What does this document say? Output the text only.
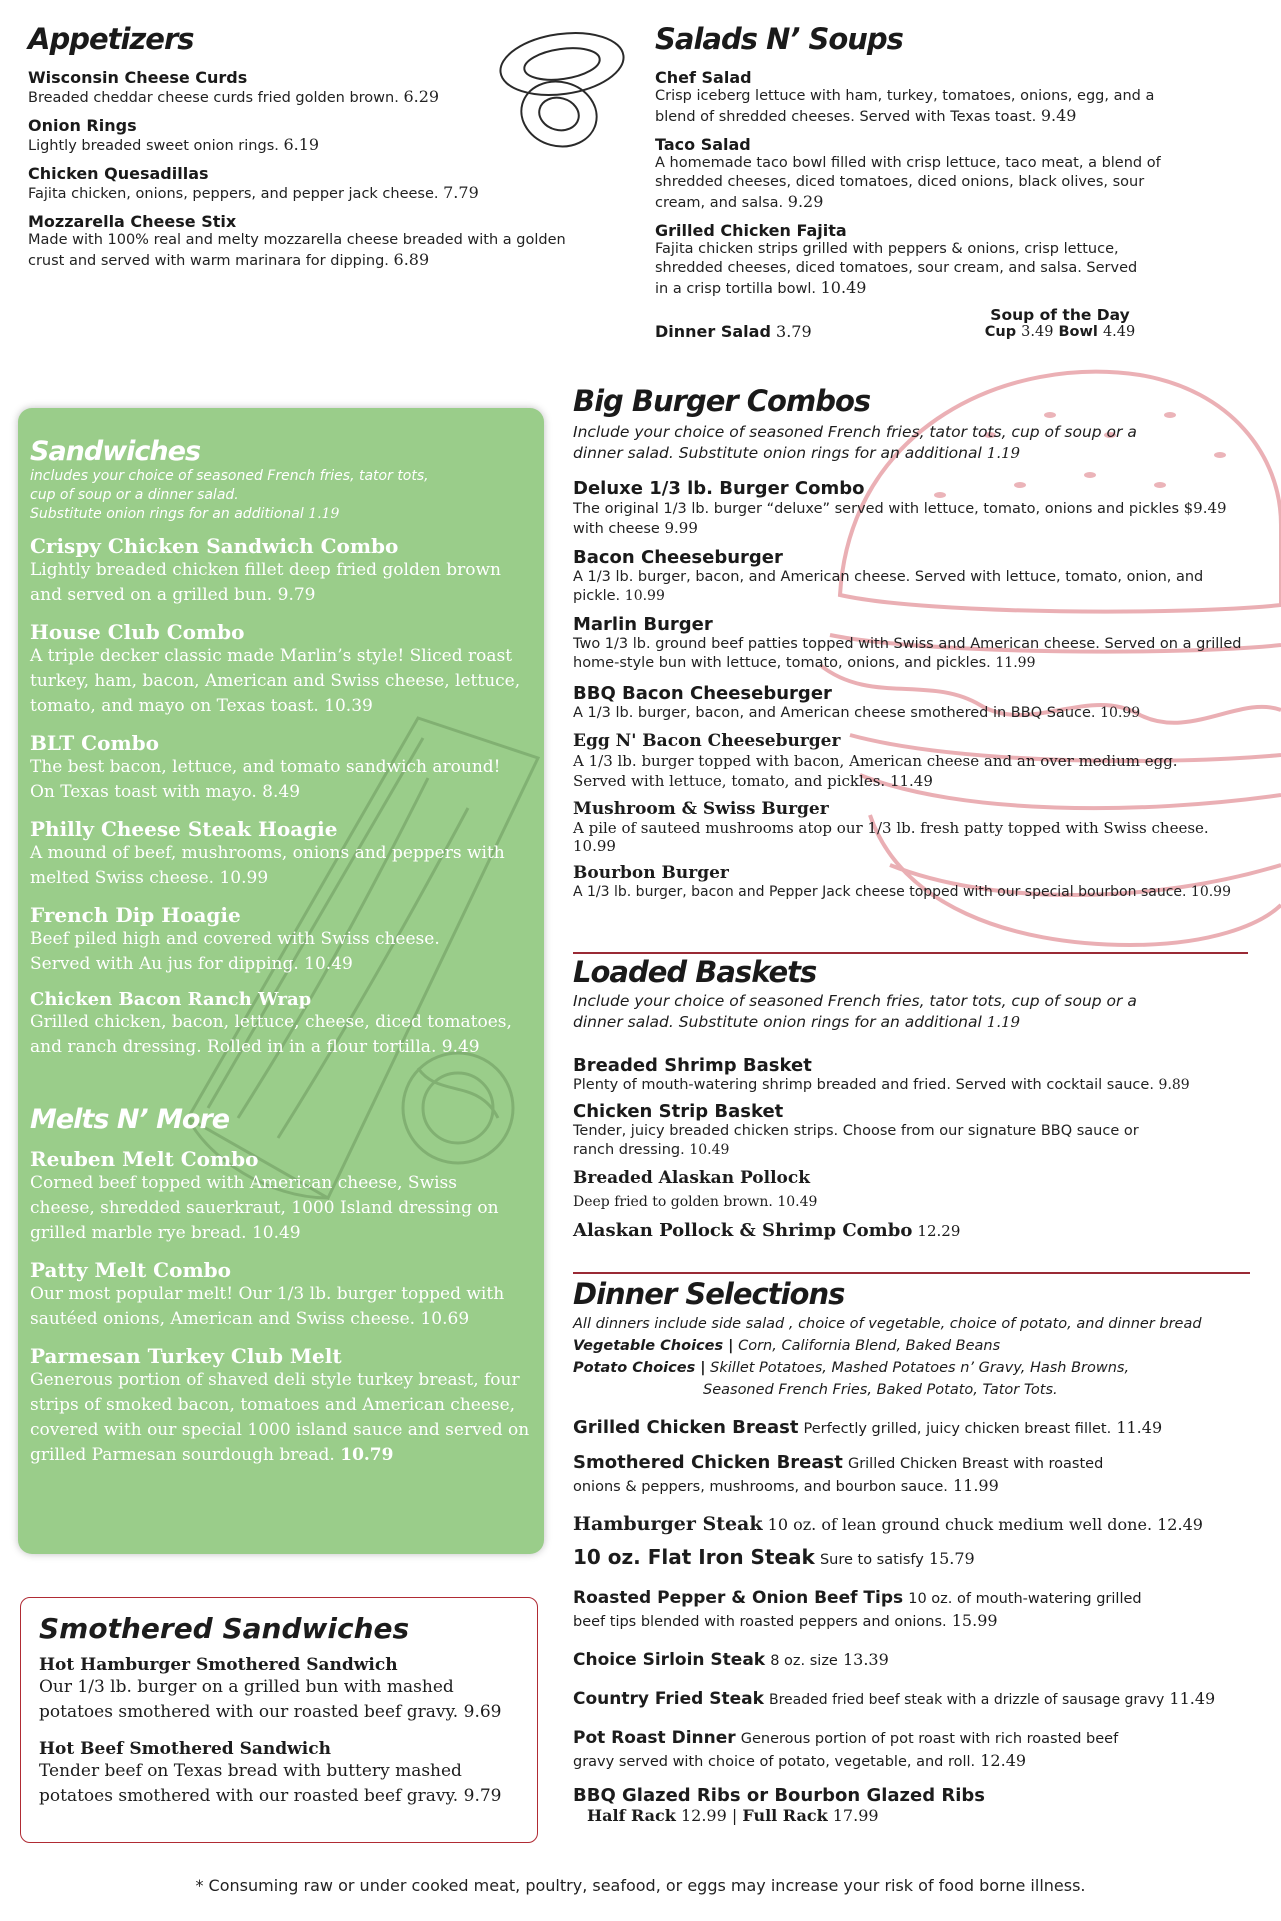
Appetizers
Wisconsin Cheese Curds
Breaded cheddar cheese curds fried golden brown. 6.29
Onion Rings
Lightly breaded sweet onion rings. 6.19
Chicken Quesadillas
Fajita chicken, onions, peppers, and pepper jack cheese. 7.79
Mozzarella Cheese Stix
Made with 100% real and melty mozzarella cheese breaded with a golden crust and served with warm marinara for dipping. 6.89
Salads N’ Soups
Chef Salad
Crisp iceberg lettuce with ham, turkey, tomatoes, onions, egg, and a blend of shredded cheeses. Served with Texas toast. 9.49
Taco Salad
A homemade taco bowl filled with crisp lettuce, taco meat, a blend of shredded cheeses, diced tomatoes, diced onions, black olives, sour cream, and salsa. 9.29
Grilled Chicken Fajita
Fajita chicken strips grilled with peppers & onions, crisp lettuce, shredded cheeses, diced tomatoes, sour cream, and salsa. Served in a crisp tortilla bowl. 10.49
Dinner Salad 3.79
Soup of the Day
Cup 3.49 Bowl 4.49
Big Burger Combos
Include your choice of seasoned French fries, tator tots, cup of soup or a dinner salad. Substitute onion rings for an additional 1.19
Deluxe 1/3 lb. Burger Combo
The original 1/3 lb. burger “deluxe” served with lettuce, tomato, onions and pickles $9.49
with cheese 9.99
Bacon Cheeseburger
A 1/3 lb. burger, bacon, and American cheese. Served with lettuce, tomato, onion, and pickle. 10.99
Marlin Burger
Two 1/3 lb. ground beef patties topped with Swiss and American cheese. Served on a grilled home-style bun with lettuce, tomato, onions, and pickles. 11.99
BBQ Bacon Cheeseburger
A 1/3 lb. burger, bacon, and American cheese smothered in BBQ Sauce. 10.99
Egg N' Bacon Cheeseburger
A 1/3 lb. burger topped with bacon, American cheese and an over medium egg. Served with lettuce, tomato, and pickles. 11.49
Mushroom & Swiss Burger
A pile of sauteed mushrooms atop our 1/3 lb. fresh patty topped with Swiss cheese. 10.99
Bourbon Burger
A 1/3 lb. burger, bacon and Pepper Jack cheese topped with our special bourbon sauce. 10.99
Loaded Baskets
Include your choice of seasoned French fries, tator tots, cup of soup or a dinner salad. Substitute onion rings for an additional 1.19
Breaded Shrimp Basket
Plenty of mouth-watering shrimp breaded and fried. Served with cocktail sauce. 9.89
Chicken Strip Basket
Tender, juicy breaded chicken strips. Choose from our signature BBQ sauce or ranch dressing. 10.49
Breaded Alaskan Pollock
Deep fried to golden brown. 10.49
Alaskan Pollock & Shrimp Combo 12.29
Dinner Selections
All dinners include side salad , choice of vegetable, choice of potato, and dinner bread
Vegetable Choices | Corn, California Blend, Baked Beans
Potato Choices | Skillet Potatoes, Mashed Potatoes n’ Gravy, Hash Browns,
Seasoned French Fries, Baked Potato, Tator Tots.
Grilled Chicken Breast Perfectly grilled, juicy chicken breast fillet. 11.49
Smothered Chicken Breast Grilled Chicken Breast with roasted onions & peppers, mushrooms, and bourbon sauce. 11.99
Hamburger Steak 10 oz. of lean ground chuck medium well done. 12.49
10 oz. Flat Iron Steak Sure to satisfy 15.79
Roasted Pepper & Onion Beef Tips 10 oz. of mouth-watering grilled beef tips blended with roasted peppers and onions. 15.99
Choice Sirloin Steak 8 oz. size 13.39
Country Fried Steak Breaded fried beef steak with a drizzle of sausage gravy 11.49
Pot Roast Dinner Generous portion of pot roast with rich roasted beef gravy served with choice of potato, vegetable, and roll. 12.49
BBQ Glazed Ribs or Bourbon Glazed Ribs
Half Rack 12.99 | Full Rack 17.99
Sandwiches
includes your choice of seasoned French fries, tator tots,
cup of soup or a dinner salad.
Substitute onion rings for an additional 1.19
Crispy Chicken Sandwich Combo
Lightly breaded chicken fillet deep fried golden brown and served on a grilled bun. 9.79
House Club Combo
A triple decker classic made Marlin’s style! Sliced roast turkey, ham, bacon, American and Swiss cheese, lettuce, tomato, and mayo on Texas toast. 10.39
BLT Combo
The best bacon, lettuce, and tomato sandwich around! On Texas toast with mayo. 8.49
Philly Cheese Steak Hoagie
A mound of beef, mushrooms, onions and peppers with melted Swiss cheese. 10.99
French Dip Hoagie
Beef piled high and covered with Swiss cheese. Served with Au jus for dipping. 10.49
Chicken Bacon Ranch Wrap
Grilled chicken, bacon, lettuce, cheese, diced tomatoes, and ranch dressing. Rolled in in a flour tortilla. 9.49
Melts N’ More
Reuben Melt Combo
Corned beef topped with American cheese, Swiss cheese, shredded sauerkraut, 1000 Island dressing on grilled marble rye bread. 10.49
Patty Melt Combo
Our most popular melt! Our 1/3 lb. burger topped with sautéed onions, American and Swiss cheese. 10.69
Parmesan Turkey Club Melt
Generous portion of shaved deli style turkey breast, four strips of smoked bacon, tomatoes and American cheese, covered with our special 1000 island sauce and served on grilled Parmesan sourdough bread. 10.79
Smothered Sandwiches
Hot Hamburger Smothered Sandwich
Our 1/3 lb. burger on a grilled bun with mashed potatoes smothered with our roasted beef gravy. 9.69
Hot Beef Smothered Sandwich
Tender beef on Texas bread with buttery mashed potatoes smothered with our roasted beef gravy. 9.79
* Consuming raw or under cooked meat, poultry, seafood, or eggs may increase your risk of food borne illness.
